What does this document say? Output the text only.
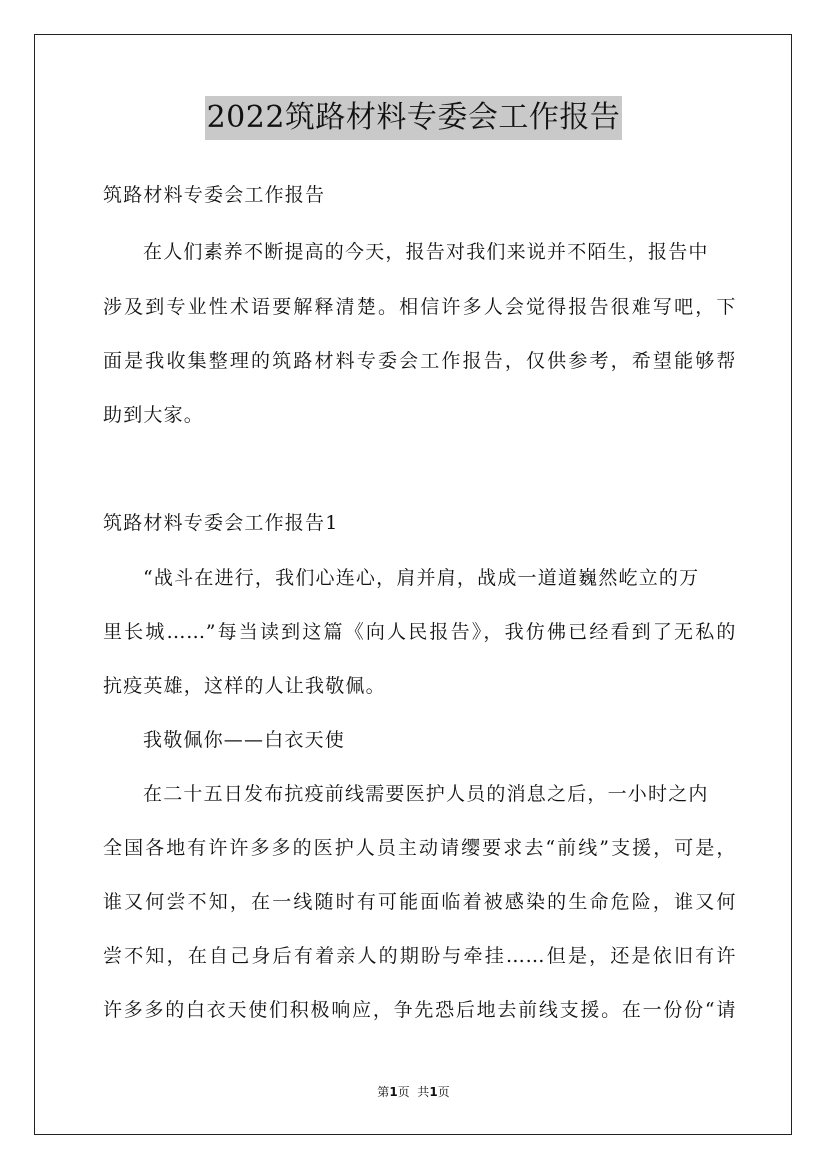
2022筑路材料专委会工作报告
筑路材料专委会工作报告
在人们素养不断提高的今天，报告对我们来说并不陌生，报告中
涉及到专业性术语要解释清楚。相信许多人会觉得报告很难写吧，下
面是我收集整理的筑路材料专委会工作报告，仅供参考，希望能够帮
助到大家。
筑路材料专委会工作报告1
“战斗在进行，我们心连心，肩并肩，战成一道道巍然屹立的万
里长城……”每当读到这篇《向人民报告》，我仿佛已经看到了无私的
抗疫英雄，这样的人让我敬佩。
我敬佩你——白衣天使
在二十五日发布抗疫前线需要医护人员的消息之后，一小时之内
全国各地有许许多多的医护人员主动请缨要求去“前线”支援，可是，
谁又何尝不知，在一线随时有可能面临着被感染的生命危险，谁又何
尝不知，在自己身后有着亲人的期盼与牵挂……但是，还是依旧有许
许多多的白衣天使们积极响应，争先恐后地去前线支援。在一份份“请
第1页  共1页
